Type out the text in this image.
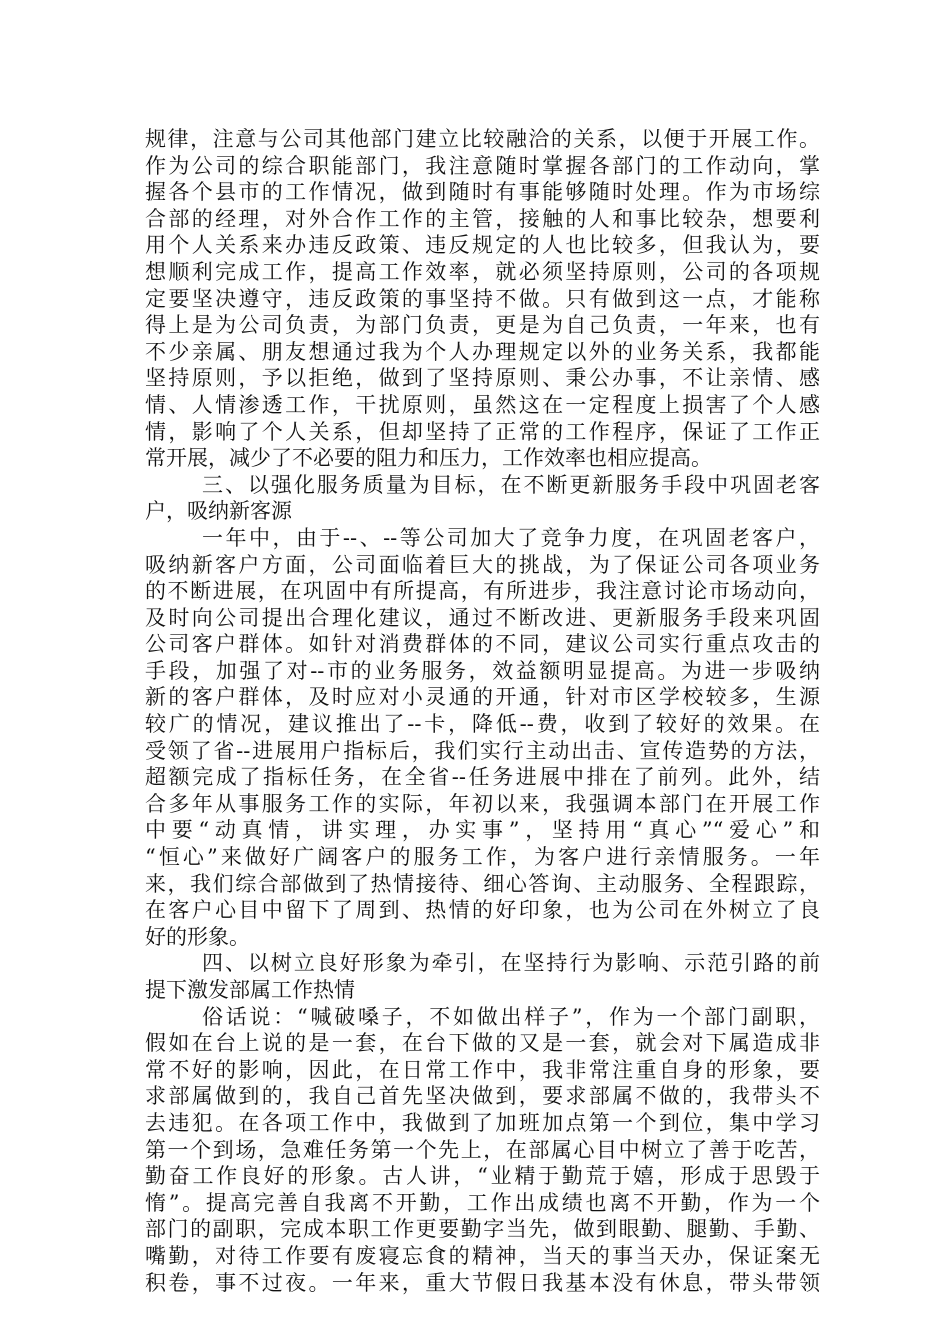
规律，注意与公司其他部门建立比较融洽的关系，以便于开展工作。
作为公司的综合职能部门，我注意随时掌握各部门的工作动向，掌
握各个县市的工作情况，做到随时有事能够随时处理。作为市场综
合部的经理，对外合作工作的主管，接触的人和事比较杂，想要利
用个人关系来办违反政策、违反规定的人也比较多，但我认为，要
想顺利完成工作，提高工作效率，就必须坚持原则，公司的各项规
定要坚决遵守，违反政策的事坚持不做。只有做到这一点，才能称
得上是为公司负责，为部门负责，更是为自己负责，一年来，也有
不少亲属、朋友想通过我为个人办理规定以外的业务关系，我都能
坚持原则，予以拒绝，做到了坚持原则、秉公办事，不让亲情、感
情、人情渗透工作，干扰原则，虽然这在一定程度上损害了个人感
情，影响了个人关系，但却坚持了正常的工作程序，保证了工作正
常开展，减少了不必要的阻力和压力，工作效率也相应提高。
三、以强化服务质量为目标，在不断更新服务手段中巩固老客
户，吸纳新客源
一年中，由于--、--等公司加大了竞争力度，在巩固老客户，
吸纳新客户方面，公司面临着巨大的挑战，为了保证公司各项业务
的不断进展，在巩固中有所提高，有所进步，我注意讨论市场动向，
及时向公司提出合理化建议，通过不断改进、更新服务手段来巩固
公司客户群体。如针对消费群体的不同，建议公司实行重点攻击的
手段，加强了对--市的业务服务，效益额明显提高。为进一步吸纳
新的客户群体，及时应对小灵通的开通，针对市区学校较多，生源
较广的情况，建议推出了--卡，降低--费，收到了较好的效果。在
受领了省--进展用户指标后，我们实行主动出击、宣传造势的方法，
超额完成了指标任务，在全省--任务进展中排在了前列。此外，结
合多年从事服务工作的实际，年初以来，我强调本部门在开展工作
中要“动真情，讲实理，办实事”，坚持用“真心”“爱心”和
“恒心”来做好广阔客户的服务工作，为客户进行亲情服务。一年
来，我们综合部做到了热情接待、细心答询、主动服务、全程跟踪，
在客户心目中留下了周到、热情的好印象，也为公司在外树立了良
好的形象。
四、以树立良好形象为牵引，在坚持行为影响、示范引路的前
提下激发部属工作热情
俗话说：“喊破嗓子，不如做出样子”，作为一个部门副职，
假如在台上说的是一套，在台下做的又是一套，就会对下属造成非
常不好的影响，因此，在日常工作中，我非常注重自身的形象，要
求部属做到的，我自己首先坚决做到，要求部属不做的，我带头不
去违犯。在各项工作中，我做到了加班加点第一个到位，集中学习
第一个到场，急难任务第一个先上，在部属心目中树立了善于吃苦，
勤奋工作良好的形象。古人讲，“业精于勤荒于嬉，形成于思毁于
惰”。提高完善自我离不开勤，工作出成绩也离不开勤，作为一个
部门的副职，完成本职工作更要勤字当先，做到眼勤、腿勤、手勤、
嘴勤，对待工作要有废寝忘食的精神，当天的事当天办，保证案无
积卷，事不过夜。一年来，重大节假日我基本没有休息，带头带领
